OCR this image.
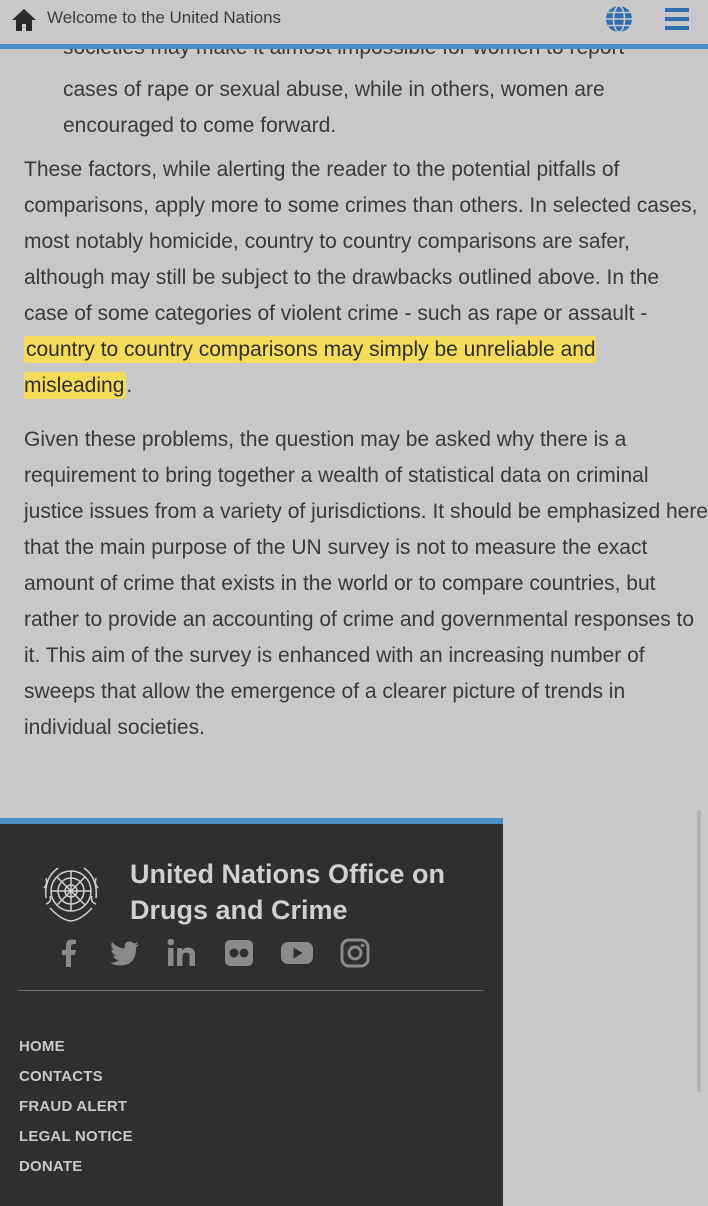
cases of rape or sexual abuse, while in others, women are encouraged to come forward.
These factors, while alerting the reader to the potential pitfalls of comparisons, apply more to some crimes than others. In selected cases, most notably homicide, country to country comparisons are safer, although may still be subject to the drawbacks outlined above. In the case of some categories of violent crime - such as rape or assault - country to country comparisons may simply be unreliable and misleading.
Given these problems, the question may be asked why there is a requirement to bring together a wealth of statistical data on criminal justice issues from a variety of jurisdictions. It should be emphasized here that the main purpose of the UN survey is not to measure the exact amount of crime that exists in the world or to compare countries, but rather to provide an accounting of crime and governmental responses to it. This aim of the survey is enhanced with an increasing number of sweeps that allow the emergence of a clearer picture of trends in individual societies.
Welcome to the United Nations
United Nations Office on
Drugs and Crime
HOME
CONTACTS
FRAUD ALERT
LEGAL NOTICE
DONATE
